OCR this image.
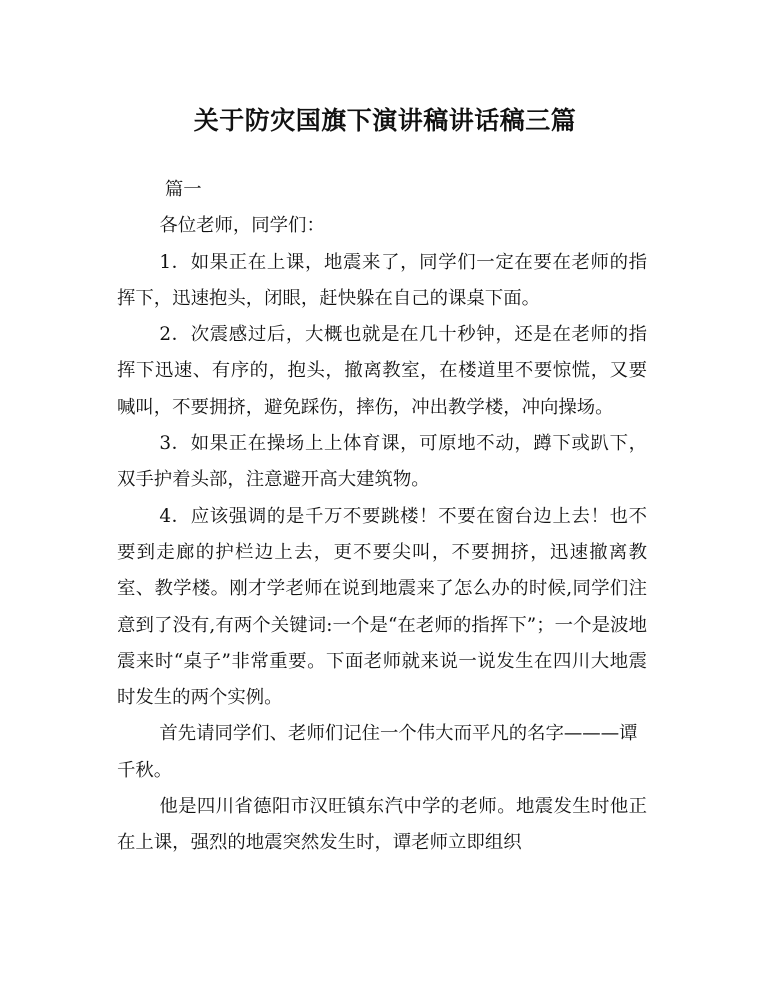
关于防灾国旗下演讲稿讲话稿三篇

篇一

各位老师，同学们：

1．如果正在上课，地震来了，同学们一定在要在老师的指挥下，迅速抱头，闭眼，赶快躲在自己的课桌下面。

2．次震感过后，大概也就是在几十秒钟，还是在老师的指挥下迅速、有序的，抱头，撤离教室，在楼道里不要惊慌，又要喊叫，不要拥挤，避免踩伤，摔伤，冲出教学楼，冲向操场。

3．如果正在操场上上体育课，可原地不动，蹲下或趴下，双手护着头部，注意避开高大建筑物。

4．应该强调的是千万不要跳楼！不要在窗台边上去！也不要到走廊的护栏边上去，更不要尖叫，不要拥挤，迅速撤离教室、教学楼。刚才学老师在说到地震来了怎么办的时候,同学们注意到了没有,有两个关键词:一个是“在老师的指挥下”；一个是波地震来时“桌子”非常重要。下面老师就来说一说发生在四川大地震时发生的两个实例。

首先请同学们、老师们记住一个伟大而平凡的名字———谭千秋。

他是四川省德阳市汉旺镇东汽中学的老师。地震发生时他正在上课，强烈的地震突然发生时，谭老师立即组织
